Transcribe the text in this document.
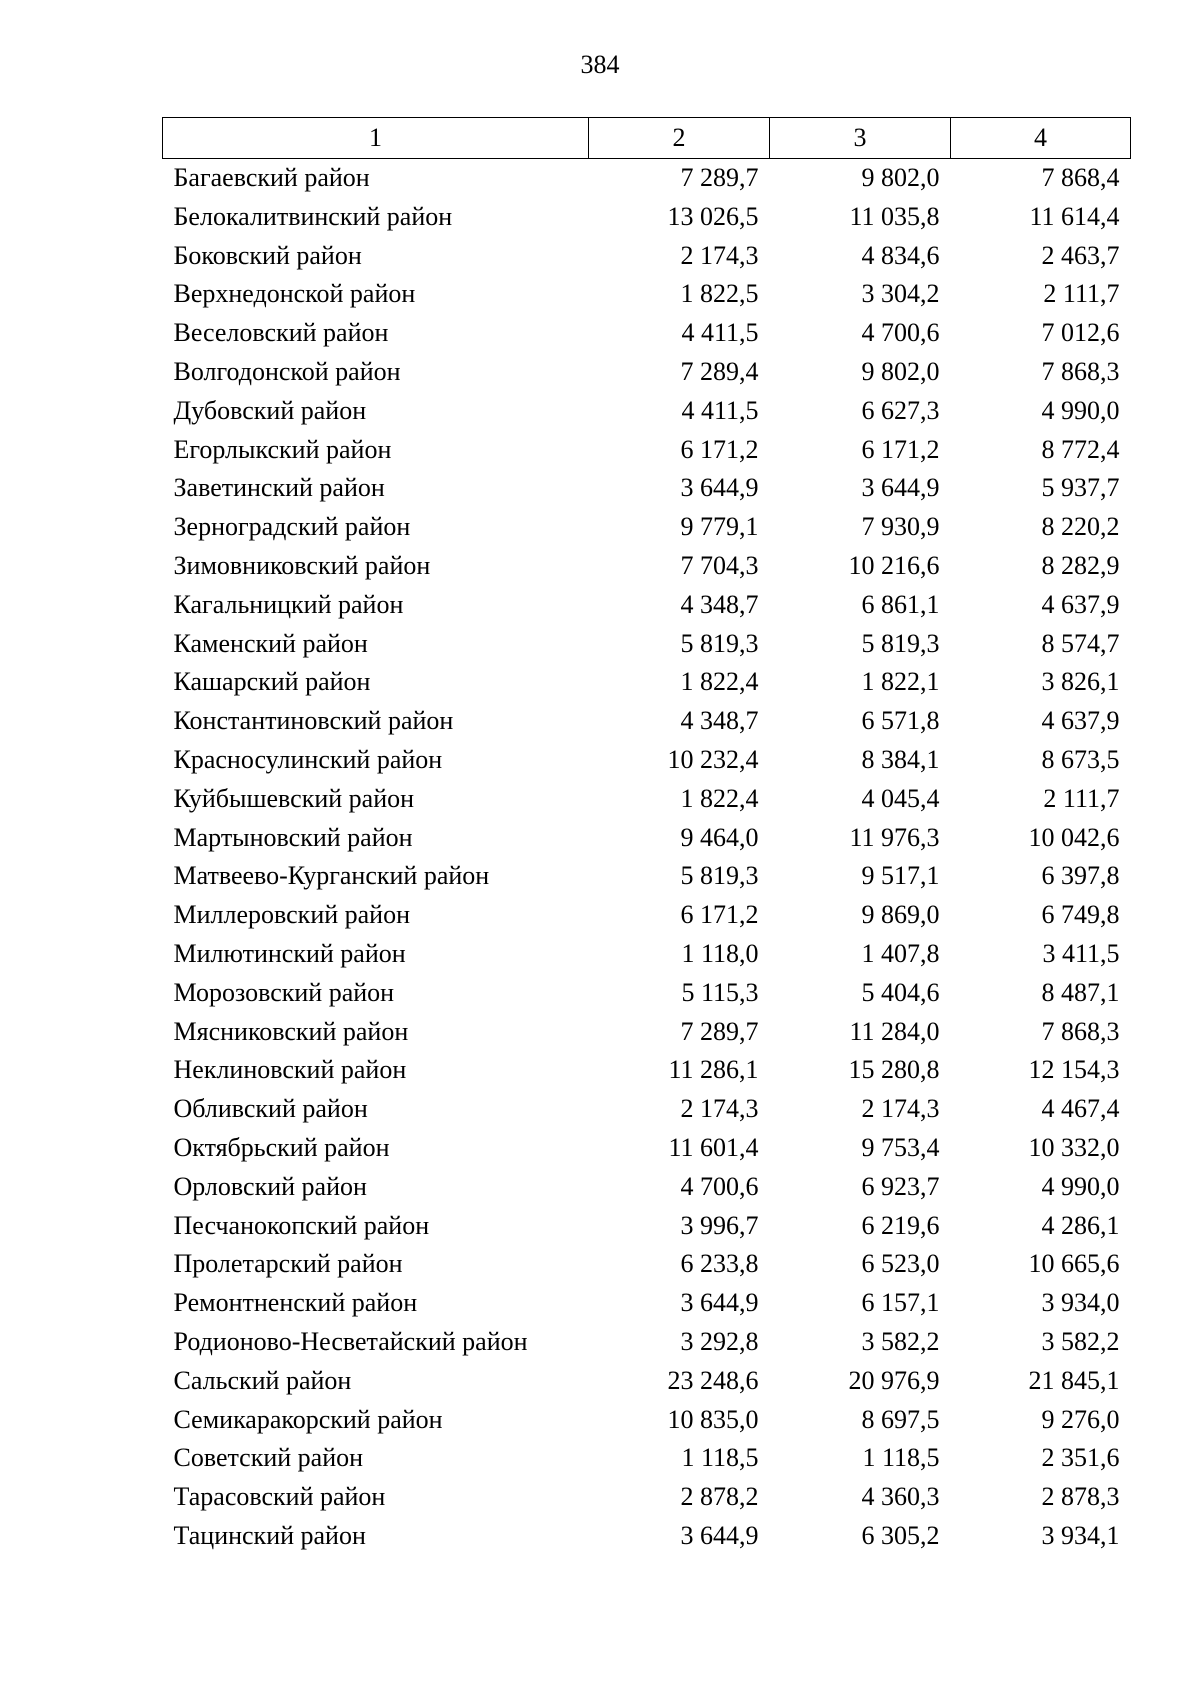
384
1	2	3	4
Багаевский район	7 289,7	9 802,0	7 868,4
Белокалитвинский район	13 026,5	11 035,8	11 614,4
Боковский район	2 174,3	4 834,6	2 463,7
Верхнедонской район	1 822,5	3 304,2	2 111,7
Веселовский район	4 411,5	4 700,6	7 012,6
Волгодонской район	7 289,4	9 802,0	7 868,3
Дубовский район	4 411,5	6 627,3	4 990,0
Егорлыкский район	6 171,2	6 171,2	8 772,4
Заветинский район	3 644,9	3 644,9	5 937,7
Зерноградский район	9 779,1	7 930,9	8 220,2
Зимовниковский район	7 704,3	10 216,6	8 282,9
Кагальницкий район	4 348,7	6 861,1	4 637,9
Каменский район	5 819,3	5 819,3	8 574,7
Кашарский район	1 822,4	1 822,1	3 826,1
Константиновский район	4 348,7	6 571,8	4 637,9
Красносулинский район	10 232,4	8 384,1	8 673,5
Куйбышевский район	1 822,4	4 045,4	2 111,7
Мартыновский район	9 464,0	11 976,3	10 042,6
Матвеево-Курганский район	5 819,3	9 517,1	6 397,8
Миллеровский район	6 171,2	9 869,0	6 749,8
Милютинский район	1 118,0	1 407,8	3 411,5
Морозовский район	5 115,3	5 404,6	8 487,1
Мясниковский район	7 289,7	11 284,0	7 868,3
Неклиновский район	11 286,1	15 280,8	12 154,3
Обливский район	2 174,3	2 174,3	4 467,4
Октябрьский район	11 601,4	9 753,4	10 332,0
Орловский район	4 700,6	6 923,7	4 990,0
Песчанокопский район	3 996,7	6 219,6	4 286,1
Пролетарский район	6 233,8	6 523,0	10 665,6
Ремонтненский район	3 644,9	6 157,1	3 934,0
Родионово-Несветайский район	3 292,8	3 582,2	3 582,2
Сальский район	23 248,6	20 976,9	21 845,1
Семикаракорский район	10 835,0	8 697,5	9 276,0
Советский район	1 118,5	1 118,5	2 351,6
Тарасовский район	2 878,2	4 360,3	2 878,3
Тацинский район	3 644,9	6 305,2	3 934,1
